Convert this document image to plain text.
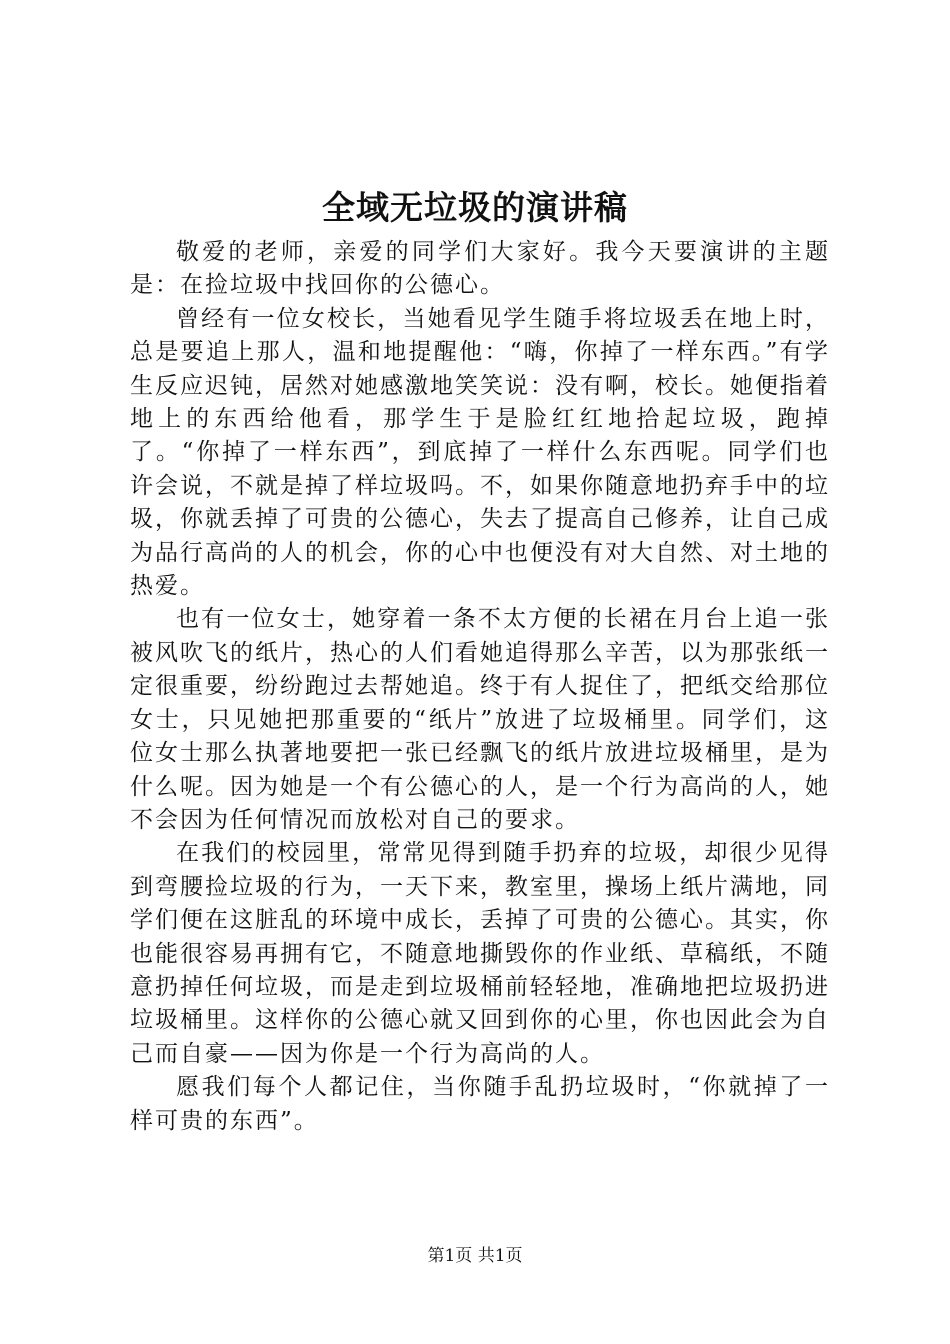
全域无垃圾的演讲稿

敬爱的老师，亲爱的同学们大家好。我今天要演讲的主题是：在捡垃圾中找回你的公德心。

曾经有一位女校长，当她看见学生随手将垃圾丢在地上时，总是要追上那人，温和地提醒他：“嗨，你掉了一样东西。”有学生反应迟钝，居然对她感激地笑笑说：没有啊，校长。她便指着地上的东西给他看，那学生于是脸红红地拾起垃圾，跑掉了。“你掉了一样东西”，到底掉了一样什么东西呢。同学们也许会说，不就是掉了样垃圾吗。不，如果你随意地扔弃手中的垃圾，你就丢掉了可贵的公德心，失去了提高自己修养，让自己成为品行高尚的人的机会，你的心中也便没有对大自然、对土地的热爱。

也有一位女士，她穿着一条不太方便的长裙在月台上追一张被风吹飞的纸片，热心的人们看她追得那么辛苦，以为那张纸一定很重要，纷纷跑过去帮她追。终于有人捉住了，把纸交给那位女士，只见她把那重要的“纸片”放进了垃圾桶里。同学们，这位女士那么执著地要把一张已经飘飞的纸片放进垃圾桶里，是为什么呢。因为她是一个有公德心的人，是一个行为高尚的人，她不会因为任何情况而放松对自己的要求。

在我们的校园里，常常见得到随手扔弃的垃圾，却很少见得到弯腰捡垃圾的行为，一天下来，教室里，操场上纸片满地，同学们便在这脏乱的环境中成长，丢掉了可贵的公德心。其实，你也能很容易再拥有它，不随意地撕毁你的作业纸、草稿纸，不随意扔掉任何垃圾，而是走到垃圾桶前轻轻地，准确地把垃圾扔进垃圾桶里。这样你的公德心就又回到你的心里，你也因此会为自己而自豪——因为你是一个行为高尚的人。

愿我们每个人都记住，当你随手乱扔垃圾时，“你就掉了一样可贵的东西”。

第1页 共1页
